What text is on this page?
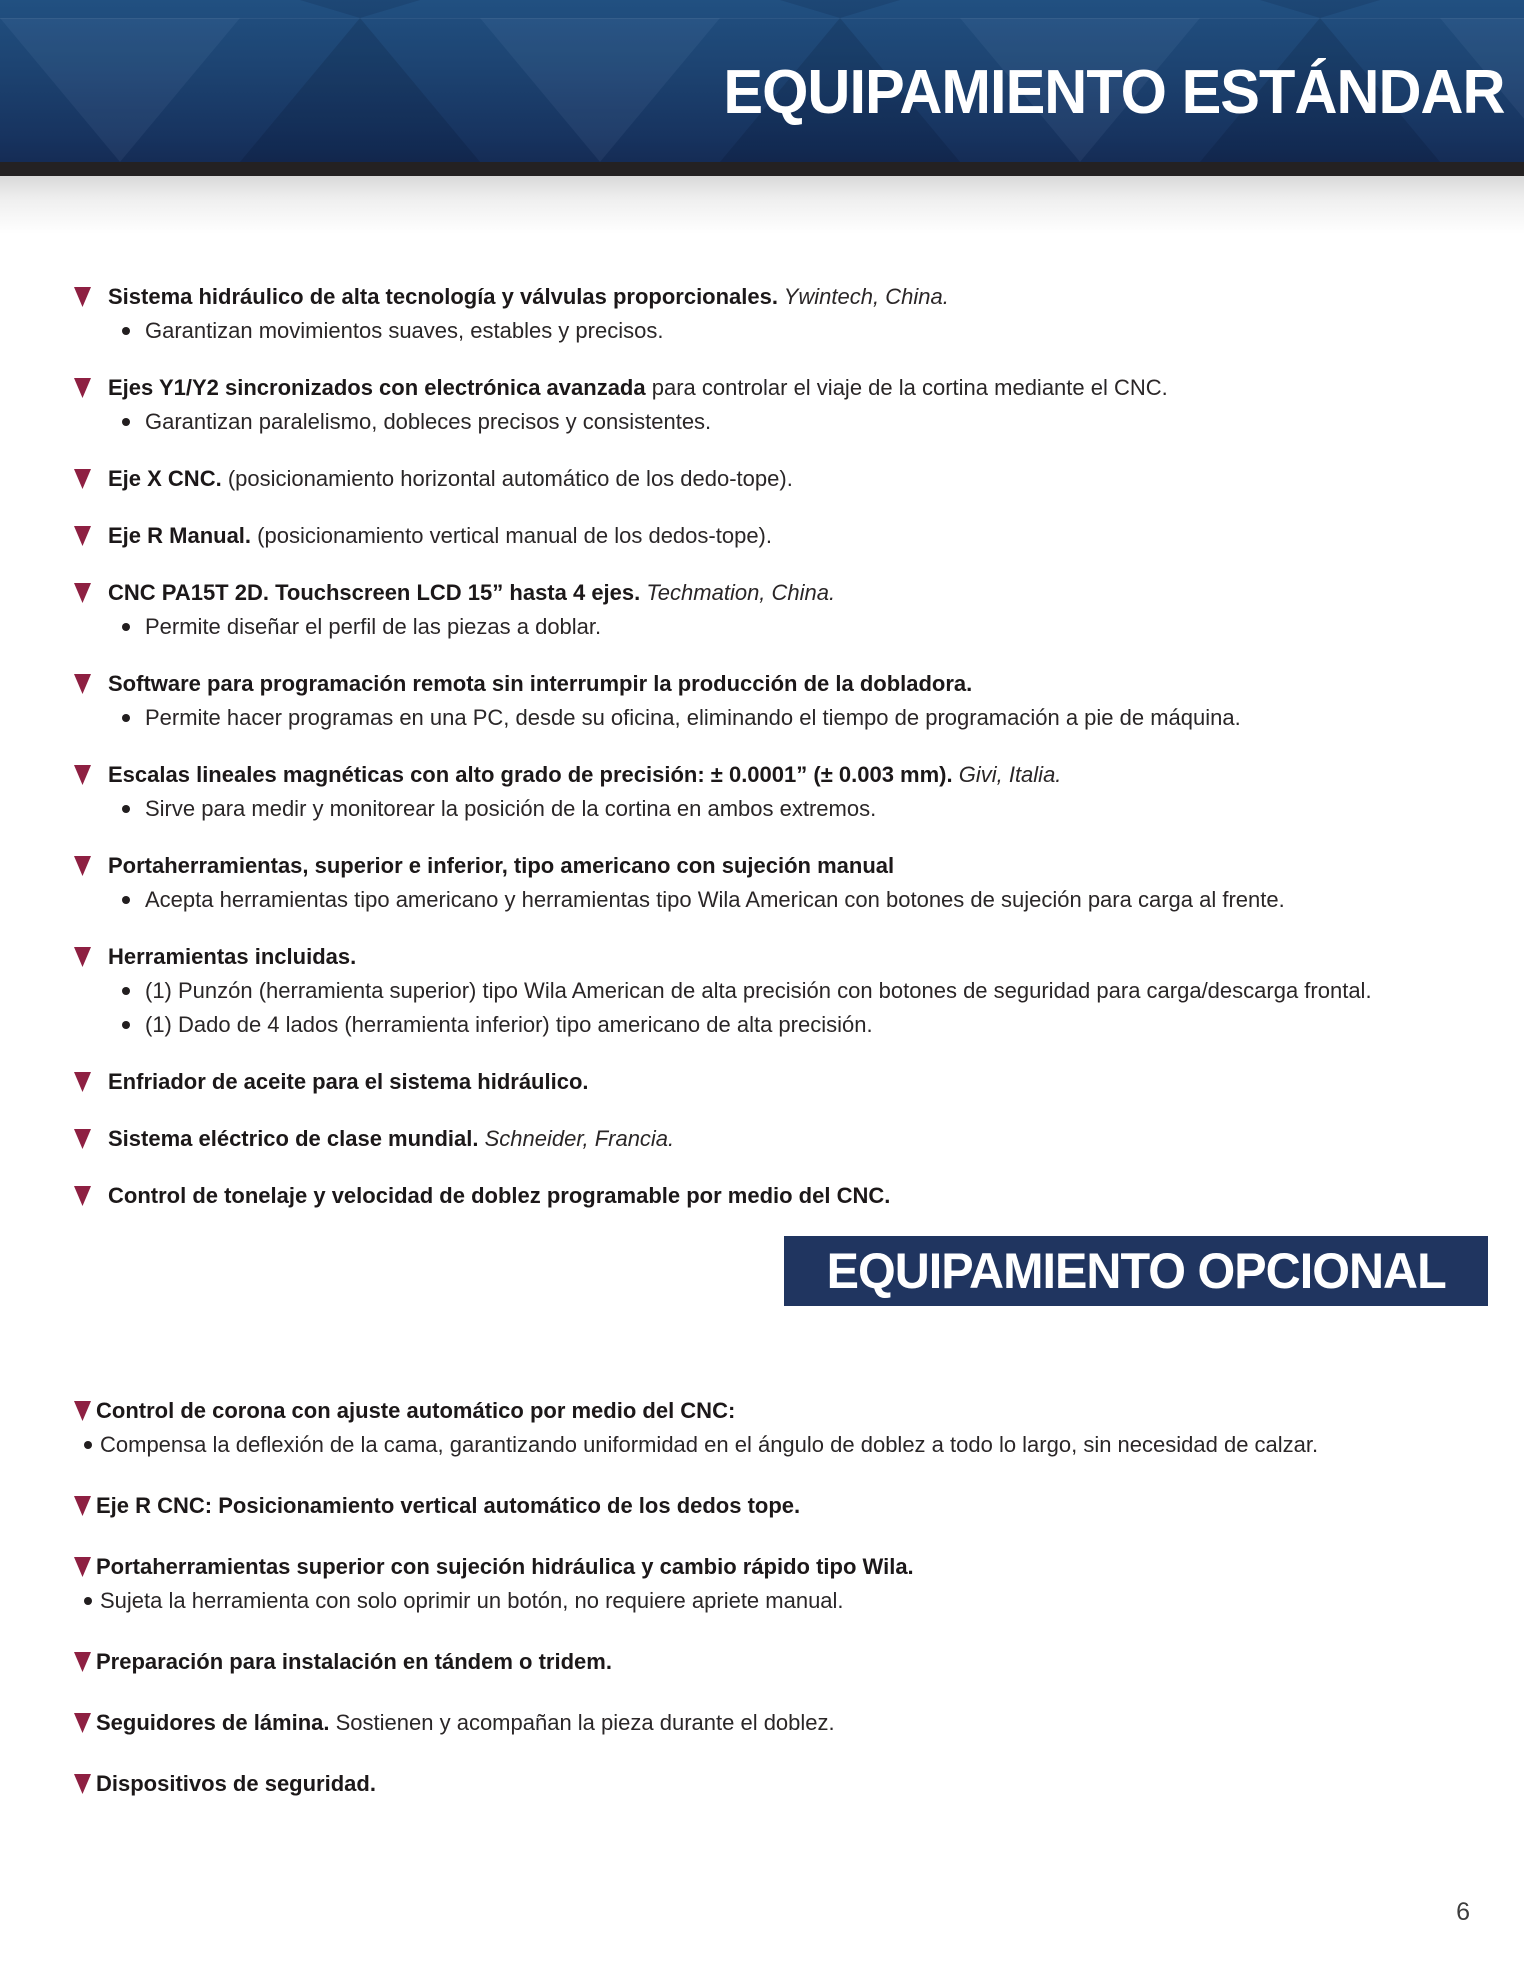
EQUIPAMIENTO ESTÁNDAR
Sistema hidráulico de alta tecnología y válvulas proporcionales. Ywintech, China.
Garantizan movimientos suaves, estables y precisos.
Ejes Y1/Y2 sincronizados con electrónica avanzada para controlar el viaje de la cortina mediante el CNC.
Garantizan paralelismo, dobleces precisos y consistentes.
Eje X CNC. (posicionamiento horizontal automático de los dedo-tope).
Eje R Manual. (posicionamiento vertical manual de los dedos-tope).
CNC PA15T 2D. Touchscreen LCD 15” hasta 4 ejes. Techmation, China.
Permite diseñar el perfil de las piezas a doblar.
Software para programación remota sin interrumpir la producción de la dobladora.
Permite hacer programas en una PC, desde su oficina, eliminando el tiempo de programación a pie de máquina.
Escalas lineales magnéticas con alto grado de precisión: ± 0.0001” (± 0.003 mm). Givi, Italia.
Sirve para medir y monitorear la posición de la cortina en ambos extremos.
Portaherramientas, superior e inferior, tipo americano con sujeción manual
Acepta herramientas tipo americano y herramientas tipo Wila American con botones de sujeción para carga al frente.
Herramientas incluidas.
(1) Punzón (herramienta superior) tipo Wila American de alta precisión con botones de seguridad para carga/descarga frontal.
(1) Dado de 4 lados (herramienta inferior) tipo americano de alta precisión.
Enfriador de aceite para el sistema hidráulico.
Sistema eléctrico de clase mundial. Schneider, Francia.
Control de tonelaje y velocidad de doblez programable por medio del CNC.
EQUIPAMIENTO OPCIONAL
Control de corona con ajuste automático por medio del CNC:
Compensa la deflexión de la cama, garantizando uniformidad en el ángulo de doblez a todo lo largo, sin necesidad de calzar.
Eje R CNC: Posicionamiento vertical automático de los dedos tope.
Portaherramientas superior con sujeción hidráulica y cambio rápido tipo Wila.
Sujeta la herramienta con solo oprimir un botón, no requiere apriete manual.
Preparación para instalación en tándem o tridem.
Seguidores de lámina. Sostienen y acompañan la pieza durante el doblez.
Dispositivos de seguridad.
6
